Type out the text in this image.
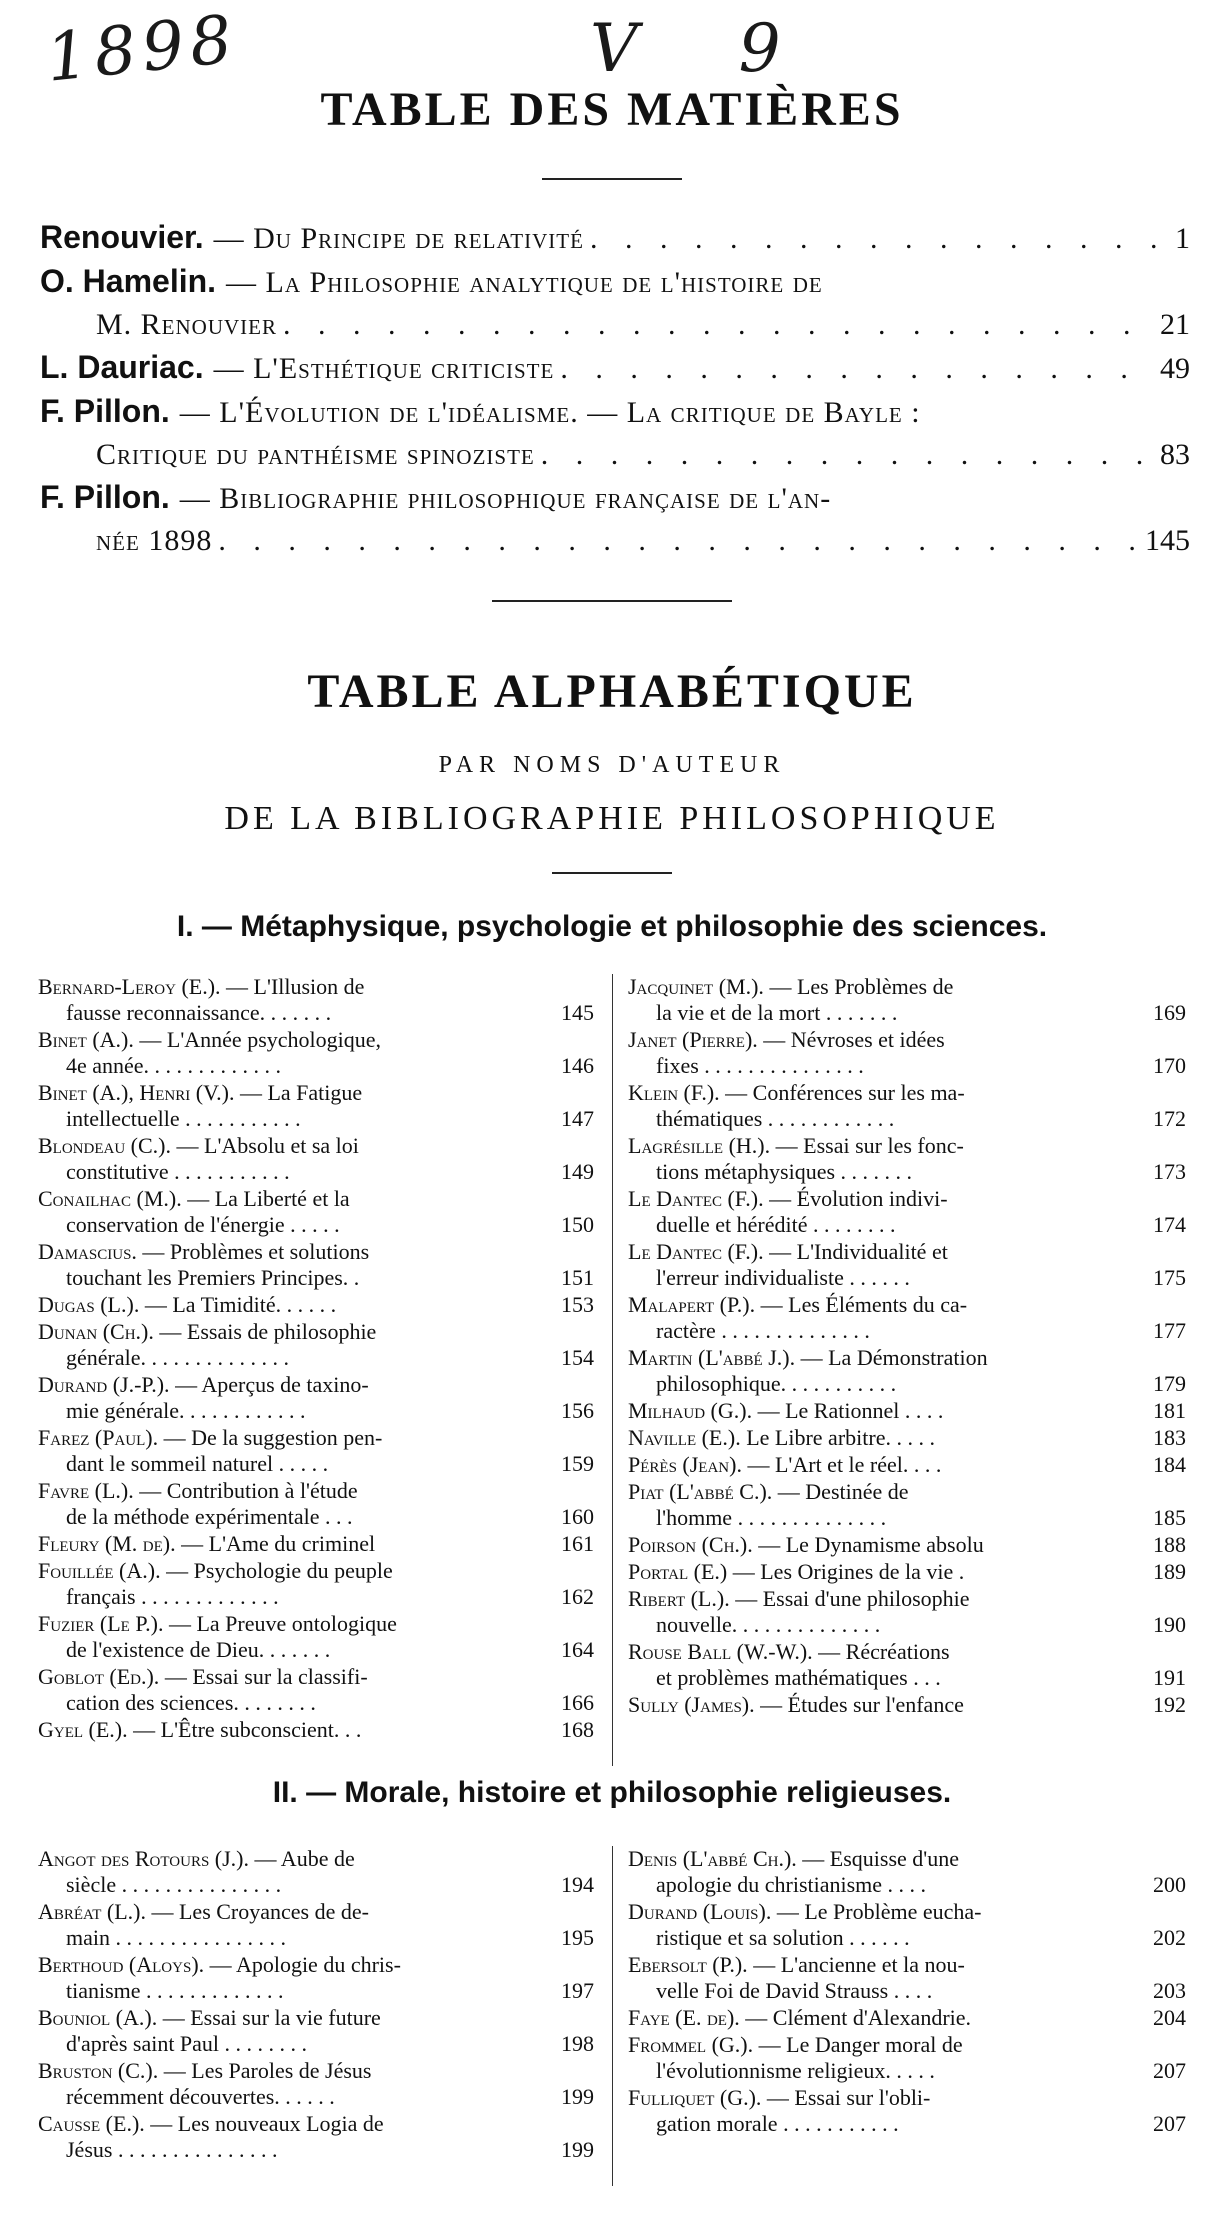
1898	V 9
TABLE DES MATIÈRES
Renouvier. — Du Principe de relativité . . .	1
O. Hamelin. — La Philosophie analytique de l'histoire de
M. Renouvier . . .	21
L. Dauriac. — L'Esthétique criticiste . . .	49
F. Pillon. — L'Évolution de l'idéalisme. — La critique de Bayle :
Critique du panthéisme spinoziste . . .	83
F. Pillon. — Bibliographie philosophique française de l'an-
née 1898 . . .	145
TABLE ALPHABÉTIQUE
PAR NOMS D'AUTEUR
DE LA BIBLIOGRAPHIE PHILOSOPHIQUE
I. — Métaphysique, psychologie et philosophie des sciences.
Bernard-Leroy (E.). — L'Illusion de
fausse reconnaissance. . . . . . .	145
Binet (A.). — L'Année psychologique,
4e année. . . . . . . . . . . . .	146
Binet (A.), Henri (V.). — La Fatigue
intellectuelle . . . . . . . . . . .	147
Blondeau (C.). — L'Absolu et sa loi
constitutive . . . . . . . . . . .	149
Conailhac (M.). — La Liberté et la
conservation de l'énergie . . . . .	150
Damascius. — Problèmes et solutions
touchant les Premiers Principes. .	151
Dugas (L.). — La Timidité. . . . . .	153
Dunan (Ch.). — Essais de philosophie
générale. . . . . . . . . . . . . .	154
Durand (J.-P.). — Aperçus de taxino-
mie générale. . . . . . . . . . . .	156
Farez (Paul). — De la suggestion pen-
dant le sommeil naturel . . . . .	159
Favre (L.). — Contribution à l'étude
de la méthode expérimentale . . .	160
Fleury (M. de). — L'Ame du criminel	161
Fouillée (A.). — Psychologie du peuple
français . . . . . . . . . . . . .	162
Fuzier (Le P.). — La Preuve ontologique
de l'existence de Dieu. . . . . . .	164
Goblot (Ed.). — Essai sur la classifi-
cation des sciences. . . . . . . .	166
Gyel (E.). — L'Être subconscient. . .	168
Jacquinet (M.). — Les Problèmes de
la vie et de la mort . . . . . . .	169
Janet (Pierre). — Névroses et idées
fixes . . . . . . . . . . . . . . .	170
Klein (F.). — Conférences sur les ma-
thématiques . . . . . . . . . . . .	172
Lagrésille (H.). — Essai sur les fonc-
tions métaphysiques . . . . . . .	173
Le Dantec (F.). — Évolution indivi-
duelle et hérédité . . . . . . . .	174
Le Dantec (F.). — L'Individualité et
l'erreur individualiste . . . . . .	175
Malapert (P.). — Les Éléments du ca-
ractère . . . . . . . . . . . . . .	177
Martin (L'abbé J.). — La Démonstration
philosophique. . . . . . . . . . .	179
Milhaud (G.). — Le Rationnel . . . .	181
Naville (E.). Le Libre arbitre. . . . .	183
Pérès (Jean). — L'Art et le réel. . . .	184
Piat (L'abbé C.). — Destinée de
l'homme . . . . . . . . . . . . . .	185
Poirson (Ch.). — Le Dynamisme absolu	188
Portal (E.) — Les Origines de la vie .	189
Ribert (L.). — Essai d'une philosophie
nouvelle. . . . . . . . . . . . . .	190
Rouse Ball (W.-W.). — Récréations
et problèmes mathématiques . . .	191
Sully (James). — Études sur l'enfance	192
II. — Morale, histoire et philosophie religieuses.
Angot des Rotours (J.). — Aube de
siècle . . . . . . . . . . . . . . .	194
Abréat (L.). — Les Croyances de de-
main . . . . . . . . . . . . . . . .	195
Berthoud (Aloys). — Apologie du chris-
tianisme . . . . . . . . . . . . .	197
Bouniol (A.). — Essai sur la vie future
d'après saint Paul . . . . . . . .	198
Bruston (C.). — Les Paroles de Jésus
récemment découvertes. . . . . .	199
Causse (E.). — Les nouveaux Logia de
Jésus . . . . . . . . . . . . . . .	199
Denis (L'abbé Ch.). — Esquisse d'une
apologie du christianisme . . . .	200
Durand (Louis). — Le Problème eucha-
ristique et sa solution . . . . . .	202
Ebersolt (P.). — L'ancienne et la nou-
velle Foi de David Strauss . . . .	203
Faye (E. de). — Clément d'Alexandrie.	204
Frommel (G.). — Le Danger moral de
l'évolutionnisme religieux. . . . .	207
Fulliquet (G.). — Essai sur l'obli-
gation morale . . . . . . . . . . .	207
